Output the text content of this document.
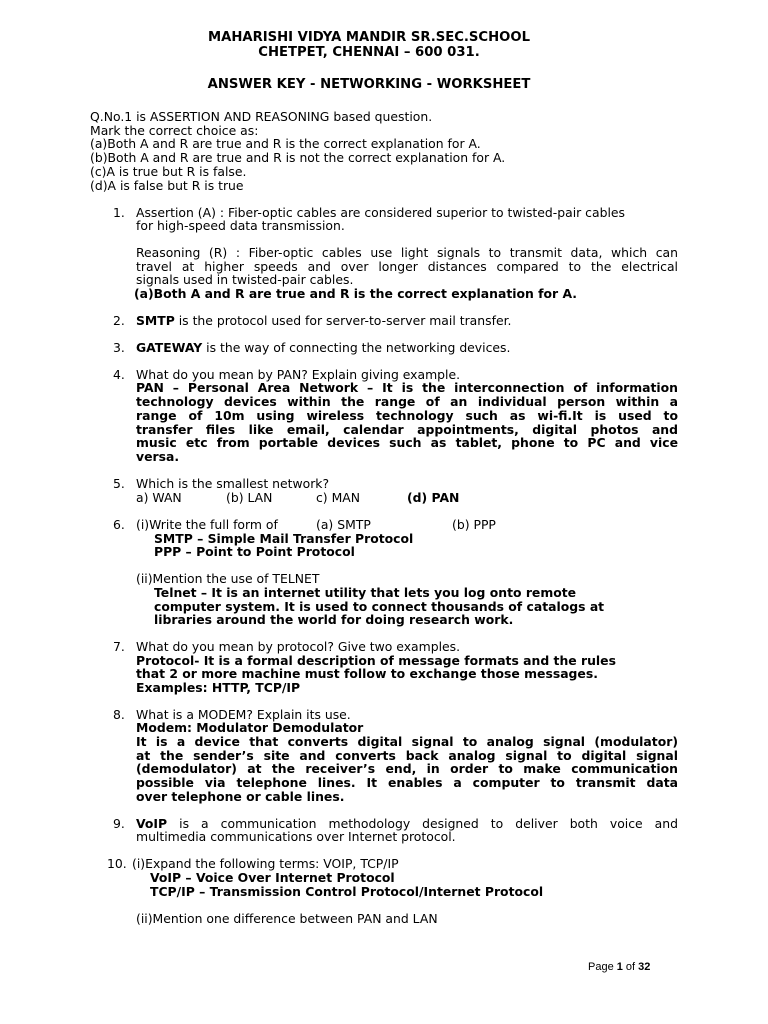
MAHARISHI VIDYA MANDIR SR.SEC.SCHOOL
CHETPET, CHENNAI – 600 031.
ANSWER KEY - NETWORKING - WORKSHEET
Q.No.1 is ASSERTION AND REASONING based question.
Mark the correct choice as:
(a)Both A and R are true and R is the correct explanation for A.
(b)Both A and R are true and R is not the correct explanation for A.
(c)A is true but R is false.
(d)A is false but R is true
1. Assertion (A) : Fiber-optic cables are considered superior to twisted-pair cables
for high-speed data transmission.
Reasoning (R) : Fiber-optic cables use light signals to transmit data, which can
travel at higher speeds and over longer distances compared to the electrical
signals used in twisted-pair cables.
(a)Both A and R are true and R is the correct explanation for A.
2. SMTP is the protocol used for server-to-server mail transfer.
3. GATEWAY is the way of connecting the networking devices.
4. What do you mean by PAN? Explain giving example.
PAN – Personal Area Network – It is the interconnection of information
technology devices within the range of an individual person within a
range of 10m using wireless technology such as wi-fi.It is used to
transfer files like email, calendar appointments, digital photos and
music etc from portable devices such as tablet, phone to PC and vice
versa.
5. Which is the smallest network?
a) WAN	(b) LAN	c) MAN	(d) PAN
6. (i)Write the full form of	(a) SMTP	(b) PPP
SMTP – Simple Mail Transfer Protocol
PPP – Point to Point Protocol
(ii)Mention the use of TELNET
Telnet – It is an internet utility that lets you log onto remote
computer system. It is used to connect thousands of catalogs at
libraries around the world for doing research work.
7. What do you mean by protocol? Give two examples.
Protocol- It is a formal description of message formats and the rules
that 2 or more machine must follow to exchange those messages.
Examples: HTTP, TCP/IP
8. What is a MODEM? Explain its use.
Modem: Modulator Demodulator
It is a device that converts digital signal to analog signal (modulator)
at the sender’s site and converts back analog signal to digital signal
(demodulator) at the receiver’s end, in order to make communication
possible via telephone lines. It enables a computer to transmit data
over telephone or cable lines.
9. VoIP is a communication methodology designed to deliver both voice and
multimedia communications over Internet protocol.
10. (i)Expand the following terms: VOIP, TCP/IP
VoIP – Voice Over Internet Protocol
TCP/IP – Transmission Control Protocol/Internet Protocol
(ii)Mention one difference between PAN and LAN
Page 1 of 32
